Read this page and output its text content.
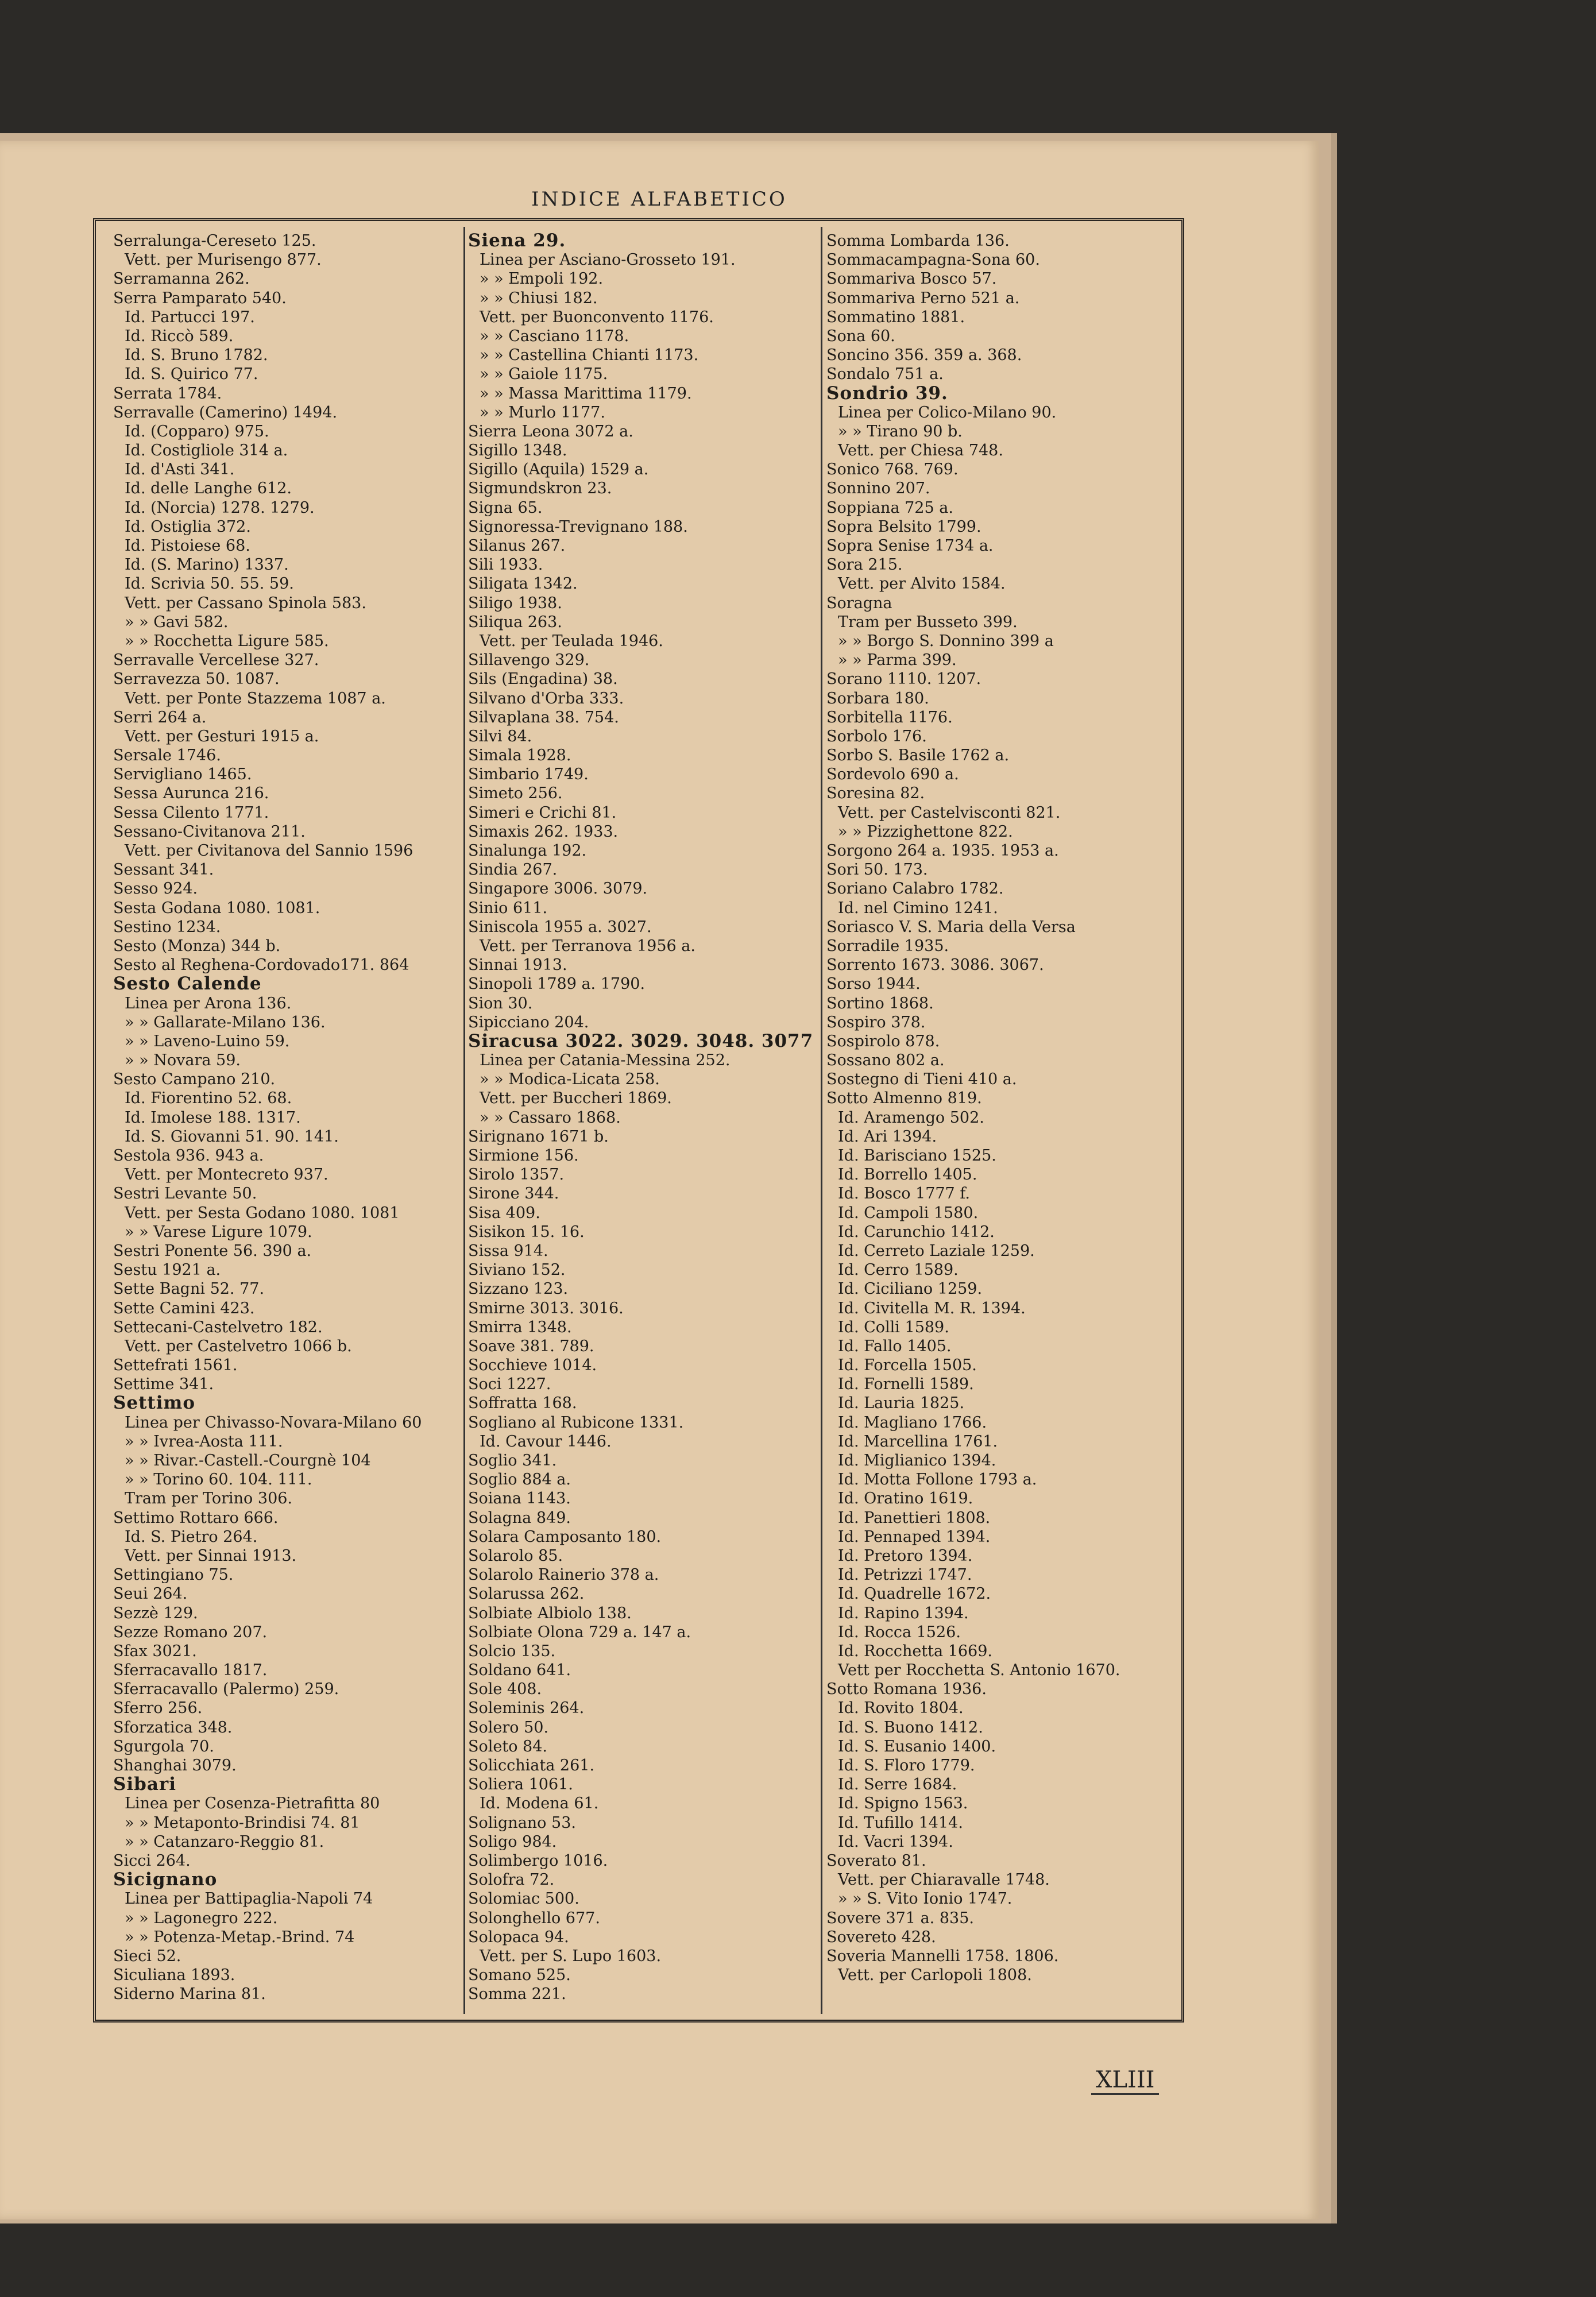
INDICE ALFABETICO
Serralunga-Cereseto 125.
Vett. per Murisengo 877.
Serramanna 262.
Serra Pamparato 540.
Id. Partucci 197.
Id. Riccò 589.
Id. S. Bruno 1782.
Id. S. Quirico 77.
Serrata 1784.
Serravalle (Camerino) 1494.
Id. (Copparo) 975.
Id. Costigliole 314 a.
Id. d'Asti 341.
Id. delle Langhe 612.
Id. (Norcia) 1278. 1279.
Id. Ostiglia 372.
Id. Pistoiese 68.
Id. (S. Marino) 1337.
Id. Scrivia 50. 55. 59.
Vett. per Cassano Spinola 583.
» » Gavi 582.
» » Rocchetta Ligure 585.
Serravalle Vercellese 327.
Serravezza 50. 1087.
Vett. per Ponte Stazzema 1087 a.
Serri 264 a.
Vett. per Gesturi 1915 a.
Sersale 1746.
Servigliano 1465.
Sessa Aurunca 216.
Sessa Cilento 1771.
Sessano-Civitanova 211.
Vett. per Civitanova del Sannio 1596
Sessant 341.
Sesso 924.
Sesta Godana 1080. 1081.
Sestino 1234.
Sesto (Monza) 344 b.
Sesto al Reghena-Cordovado171. 864
Sesto Calende
Linea per Arona 136.
» » Gallarate-Milano 136.
» » Laveno-Luino 59.
» » Novara 59.
Sesto Campano 210.
Id. Fiorentino 52. 68.
Id. Imolese 188. 1317.
Id. S. Giovanni 51. 90. 141.
Sestola 936. 943 a.
Vett. per Montecreto 937.
Sestri Levante 50.
Vett. per Sesta Godano 1080. 1081
» » Varese Ligure 1079.
Sestri Ponente 56. 390 a.
Sestu 1921 a.
Sette Bagni 52. 77.
Sette Camini 423.
Settecani-Castelvetro 182.
Vett. per Castelvetro 1066 b.
Settefrati 1561.
Settime 341.
Settimo
Linea per Chivasso-Novara-Milano 60
» » Ivrea-Aosta 111.
» » Rivar.-Castell.-Courgnè 104
» » Torino 60. 104. 111.
Tram per Torino 306.
Settimo Rottaro 666.
Id. S. Pietro 264.
Vett. per Sinnai 1913.
Settingiano 75.
Seui 264.
Sezzè 129.
Sezze Romano 207.
Sfax 3021.
Sferracavallo 1817.
Sferracavallo (Palermo) 259.
Sferro 256.
Sforzatica 348.
Sgurgola 70.
Shanghai 3079.
Sibari
Linea per Cosenza-Pietrafitta 80
» » Metaponto-Brindisi 74. 81
» » Catanzaro-Reggio 81.
Sicci 264.
Sicignano
Linea per Battipaglia-Napoli 74
» » Lagonegro 222.
» » Potenza-Metap.-Brind. 74
Sieci 52.
Siculiana 1893.
Siderno Marina 81.
Siena 29.
Linea per Asciano-Grosseto 191.
» » Empoli 192.
» » Chiusi 182.
Vett. per Buonconvento 1176.
» » Casciano 1178.
» » Castellina Chianti 1173.
» » Gaiole 1175.
» » Massa Marittima 1179.
» » Murlo 1177.
Sierra Leona 3072 a.
Sigillo 1348.
Sigillo (Aquila) 1529 a.
Sigmundskron 23.
Signa 65.
Signoressa-Trevignano 188.
Silanus 267.
Sili 1933.
Siligata 1342.
Siligo 1938.
Siliqua 263.
Vett. per Teulada 1946.
Sillavengo 329.
Sils (Engadina) 38.
Silvano d'Orba 333.
Silvaplana 38. 754.
Silvi 84.
Simala 1928.
Simbario 1749.
Simeto 256.
Simeri e Crichi 81.
Simaxis 262. 1933.
Sinalunga 192.
Sindia 267.
Singapore 3006. 3079.
Sinio 611.
Siniscola 1955 a. 3027.
Vett. per Terranova 1956 a.
Sinnai 1913.
Sinopoli 1789 a. 1790.
Sion 30.
Sipicciano 204.
Siracusa 3022. 3029. 3048. 3077
Linea per Catania-Messina 252.
» » Modica-Licata 258.
Vett. per Buccheri 1869.
» » Cassaro 1868.
Sirignano 1671 b.
Sirmione 156.
Sirolo 1357.
Sirone 344.
Sisa 409.
Sisikon 15. 16.
Sissa 914.
Siviano 152.
Sizzano 123.
Smirne 3013. 3016.
Smirra 1348.
Soave 381. 789.
Socchieve 1014.
Soci 1227.
Soffratta 168.
Sogliano al Rubicone 1331.
Id. Cavour 1446.
Soglio 341.
Soglio 884 a.
Soiana 1143.
Solagna 849.
Solara Camposanto 180.
Solarolo 85.
Solarolo Rainerio 378 a.
Solarussa 262.
Solbiate Albiolo 138.
Solbiate Olona 729 a. 147 a.
Solcio 135.
Soldano 641.
Sole 408.
Soleminis 264.
Solero 50.
Soleto 84.
Solicchiata 261.
Soliera 1061.
Id. Modena 61.
Solignano 53.
Soligo 984.
Solimbergo 1016.
Solofra 72.
Solomiac 500.
Solonghello 677.
Solopaca 94.
Vett. per S. Lupo 1603.
Somano 525.
Somma 221.
Somma Lombarda 136.
Sommacampagna-Sona 60.
Sommariva Bosco 57.
Sommariva Perno 521 a.
Sommatino 1881.
Sona 60.
Soncino 356. 359 a. 368.
Sondalo 751 a.
Sondrio 39.
Linea per Colico-Milano 90.
» » Tirano 90 b.
Vett. per Chiesa 748.
Sonico 768. 769.
Sonnino 207.
Soppiana 725 a.
Sopra Belsito 1799.
Sopra Senise 1734 a.
Sora 215.
Vett. per Alvito 1584.
Soragna
Tram per Busseto 399.
» » Borgo S. Donnino 399 a
» » Parma 399.
Sorano 1110. 1207.
Sorbara 180.
Sorbitella 1176.
Sorbolo 176.
Sorbo S. Basile 1762 a.
Sordevolo 690 a.
Soresina 82.
Vett. per Castelvisconti 821.
» » Pizzighettone 822.
Sorgono 264 a. 1935. 1953 a.
Sori 50. 173.
Soriano Calabro 1782.
Id. nel Cimino 1241.
Soriasco V. S. Maria della Versa
Sorradile 1935.
Sorrento 1673. 3086. 3067.
Sorso 1944.
Sortino 1868.
Sospiro 378.
Sospirolo 878.
Sossano 802 a.
Sostegno di Tieni 410 a.
Sotto Almenno 819.
Id. Aramengo 502.
Id. Ari 1394.
Id. Barisciano 1525.
Id. Borrello 1405.
Id. Bosco 1777 f.
Id. Campoli 1580.
Id. Carunchio 1412.
Id. Cerreto Laziale 1259.
Id. Cerro 1589.
Id. Ciciliano 1259.
Id. Civitella M. R. 1394.
Id. Colli 1589.
Id. Fallo 1405.
Id. Forcella 1505.
Id. Fornelli 1589.
Id. Lauria 1825.
Id. Magliano 1766.
Id. Marcellina 1761.
Id. Miglianico 1394.
Id. Motta Follone 1793 a.
Id. Oratino 1619.
Id. Panettieri 1808.
Id. Pennaped 1394.
Id. Pretoro 1394.
Id. Petrizzi 1747.
Id. Quadrelle 1672.
Id. Rapino 1394.
Id. Rocca 1526.
Id. Rocchetta 1669.
Vett per Rocchetta S. Antonio 1670.
Sotto Romana 1936.
Id. Rovito 1804.
Id. S. Buono 1412.
Id. S. Eusanio 1400.
Id. S. Floro 1779.
Id. Serre 1684.
Id. Spigno 1563.
Id. Tufillo 1414.
Id. Vacri 1394.
Soverato 81.
Vett. per Chiaravalle 1748.
» » S. Vito Ionio 1747.
Sovere 371 a. 835.
Sovereto 428.
Soveria Mannelli 1758. 1806.
Vett. per Carlopoli 1808.
XLIII
